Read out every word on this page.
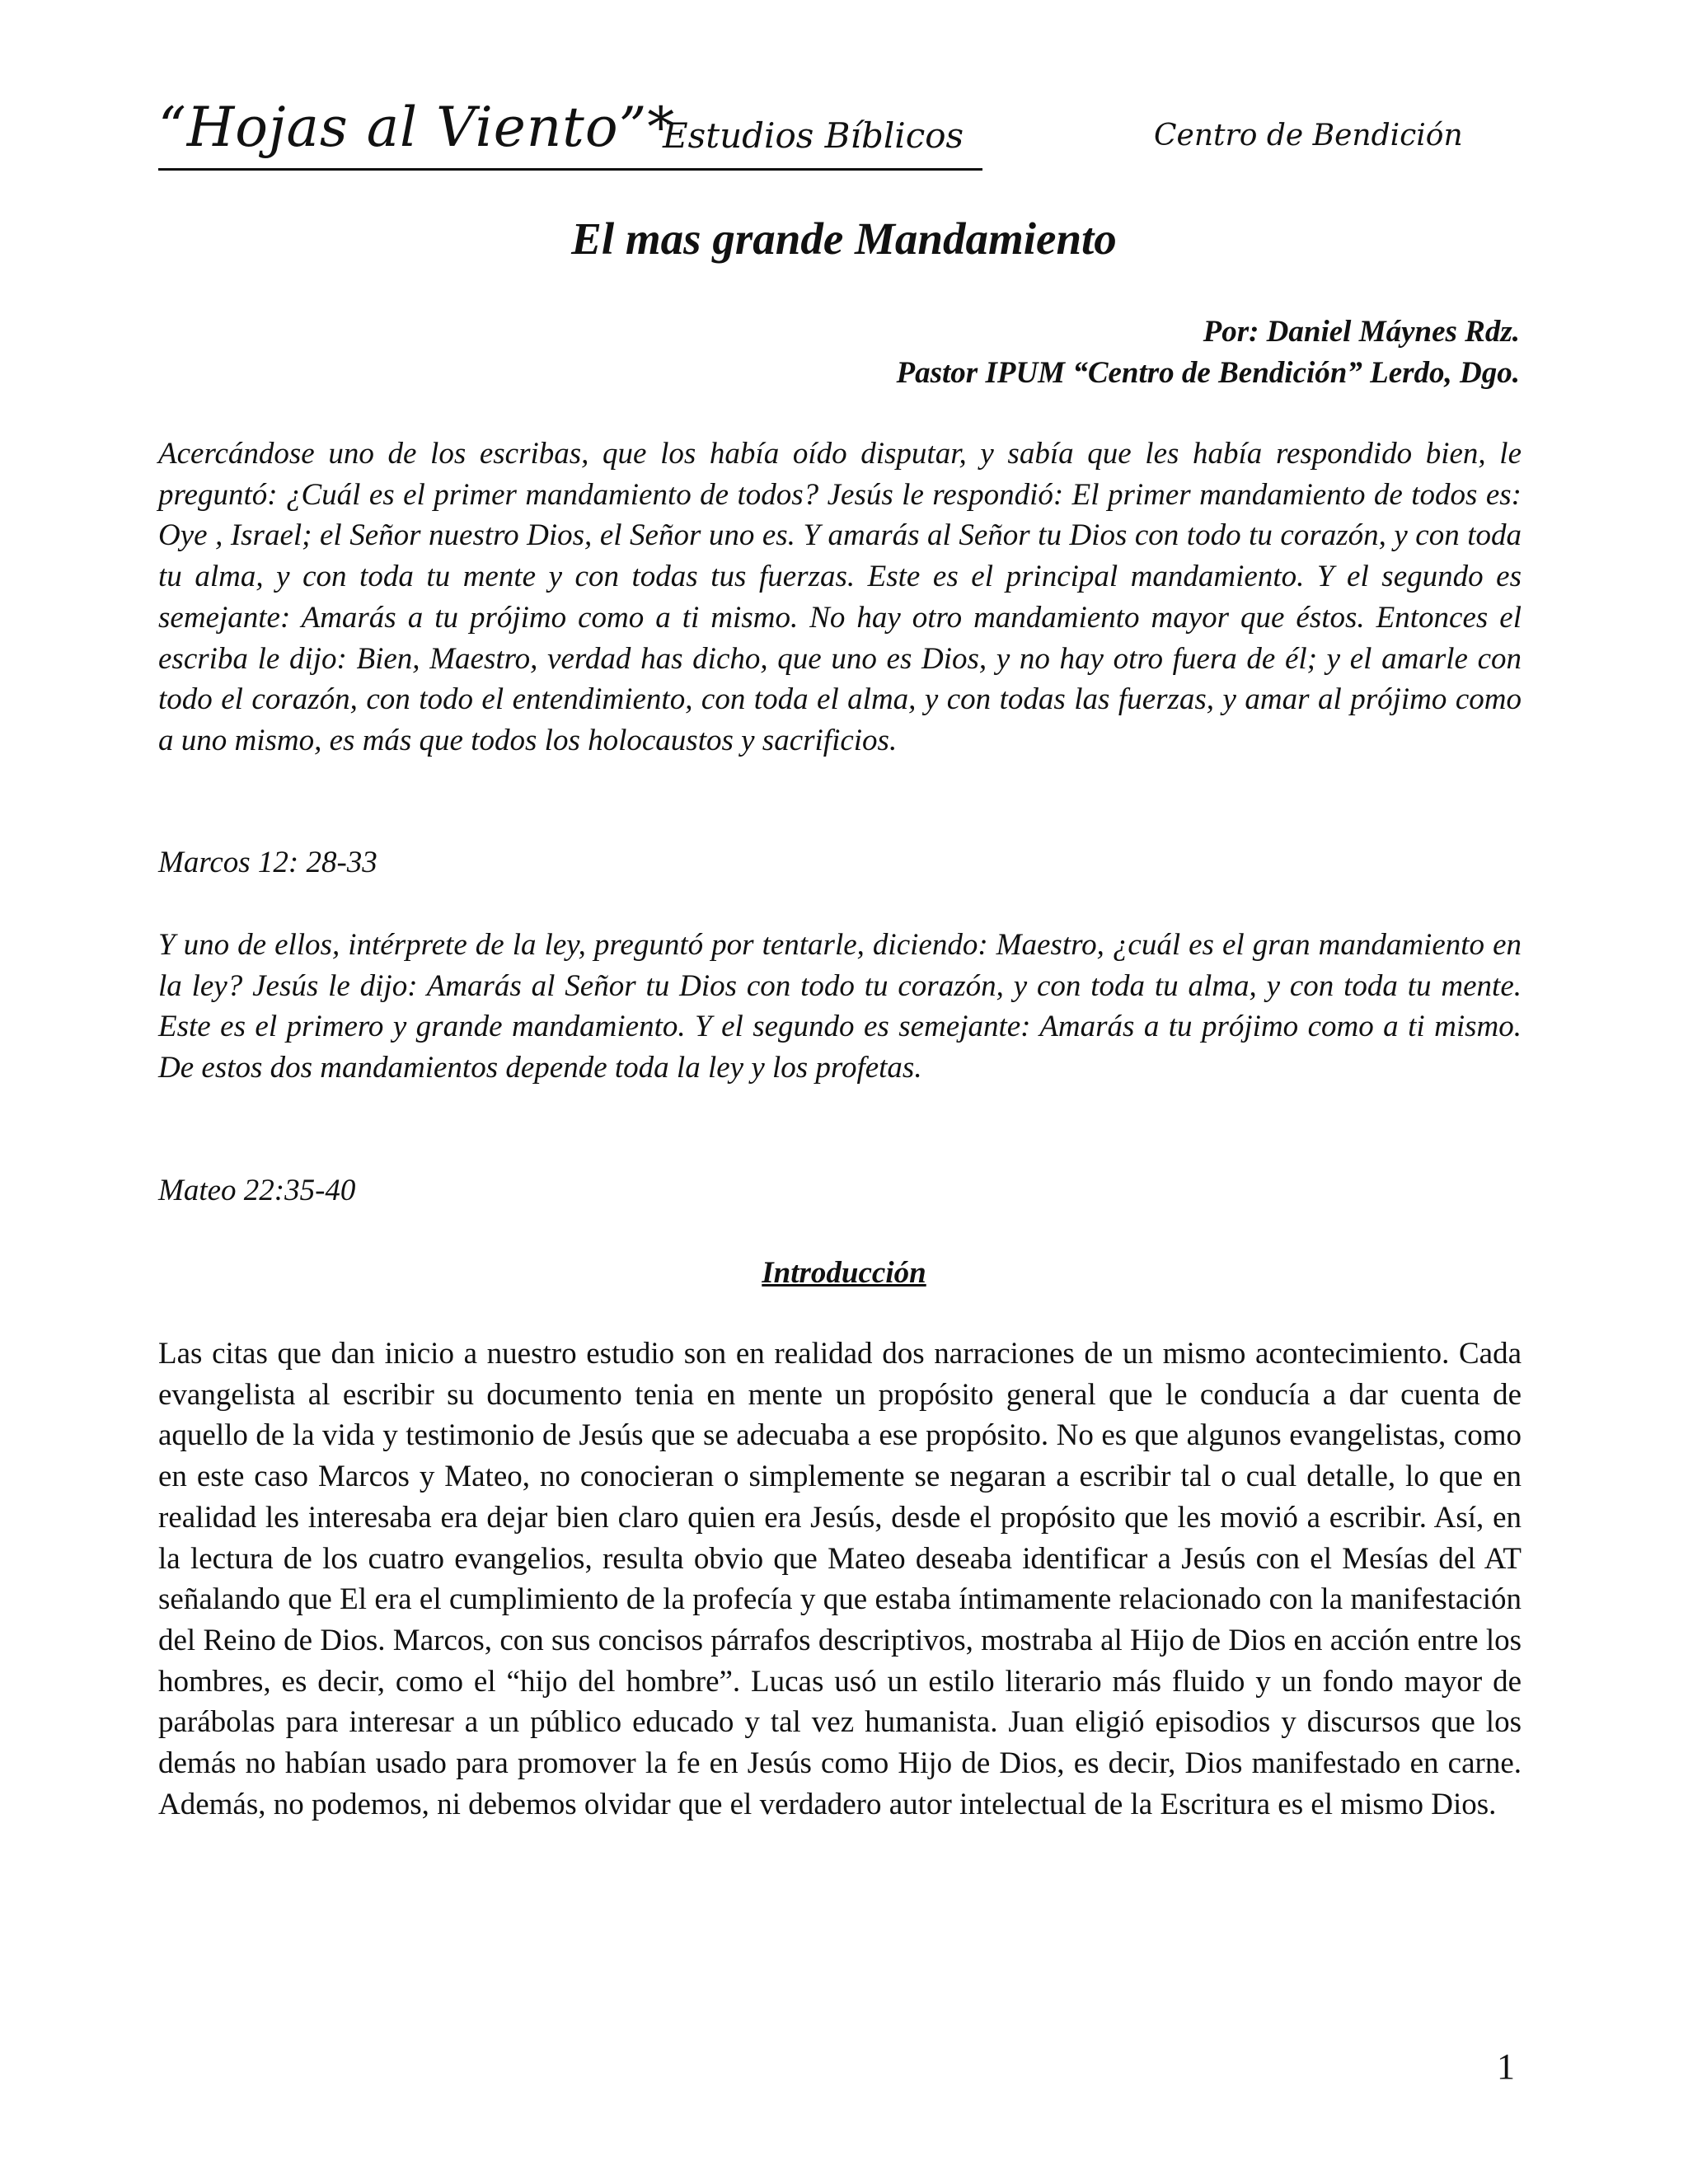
“Hojas al Viento”*
Estudios Bíblicos	Centro de Bendición
El mas grande Mandamiento
Por: Daniel Máynes Rdz.
Pastor IPUM “Centro de Bendición” Lerdo, Dgo.
Acercándose uno de los escribas, que los había oído disputar, y sabía que les había respondido bien, le preguntó: ¿Cuál es el primer mandamiento de todos? Jesús le respondió: El primer mandamiento de todos es: Oye , Israel; el Señor nuestro Dios, el Señor uno es. Y amarás al Señor tu Dios con todo tu corazón, y con toda tu alma, y con toda tu mente y con todas tus fuerzas. Este es el principal mandamiento. Y el segundo es semejante: Amarás a tu prójimo como a ti mismo. No hay otro mandamiento mayor que éstos. Entonces el escriba le dijo: Bien, Maestro, verdad has dicho, que uno es Dios, y no hay otro fuera de él; y el amarle con todo el corazón, con todo el entendimiento, con toda el alma, y con todas las fuerzas, y amar al prójimo como a uno mismo, es más que todos los holocaustos y sacrificios.
Marcos 12: 28-33
Y uno de ellos, intérprete de la ley, preguntó por tentarle, diciendo: Maestro, ¿cuál es el gran mandamiento en la ley? Jesús le dijo: Amarás al Señor tu Dios con todo tu corazón, y con toda tu alma, y con toda tu mente. Este es el primero y grande mandamiento. Y el segundo es semejante: Amarás a tu prójimo como a ti mismo. De estos dos mandamientos depende toda la ley y los profetas.
Mateo 22:35-40
Introducción
Las citas que dan inicio a nuestro estudio son en realidad dos narraciones de un mismo acontecimiento. Cada evangelista al escribir su documento tenia en mente un propósito general que le conducía a dar cuenta de aquello de la vida y testimonio de Jesús que se adecuaba a ese propósito. No es que algunos evangelistas, como en este caso Marcos y Mateo, no conocieran o simplemente se negaran a escribir tal o cual detalle, lo que en realidad les interesaba era dejar bien claro quien era Jesús, desde el propósito que les movió a escribir. Así, en la lectura de los cuatro evangelios, resulta obvio que Mateo deseaba identificar a Jesús con el Mesías del AT señalando que El era el cumplimiento de la profecía y que estaba íntimamente relacionado con la manifestación del Reino de Dios. Marcos, con sus concisos párrafos descriptivos, mostraba al Hijo de Dios en acción entre los hombres, es decir, como el “hijo del hombre”. Lucas usó un estilo literario más fluido y un fondo mayor de parábolas para interesar a un público educado y tal vez humanista. Juan eligió episodios y discursos que los demás no habían usado para promover la fe en Jesús como Hijo de Dios, es decir, Dios manifestado en carne. Además, no podemos, ni debemos olvidar que el verdadero autor intelectual de la Escritura es el mismo Dios.
1
